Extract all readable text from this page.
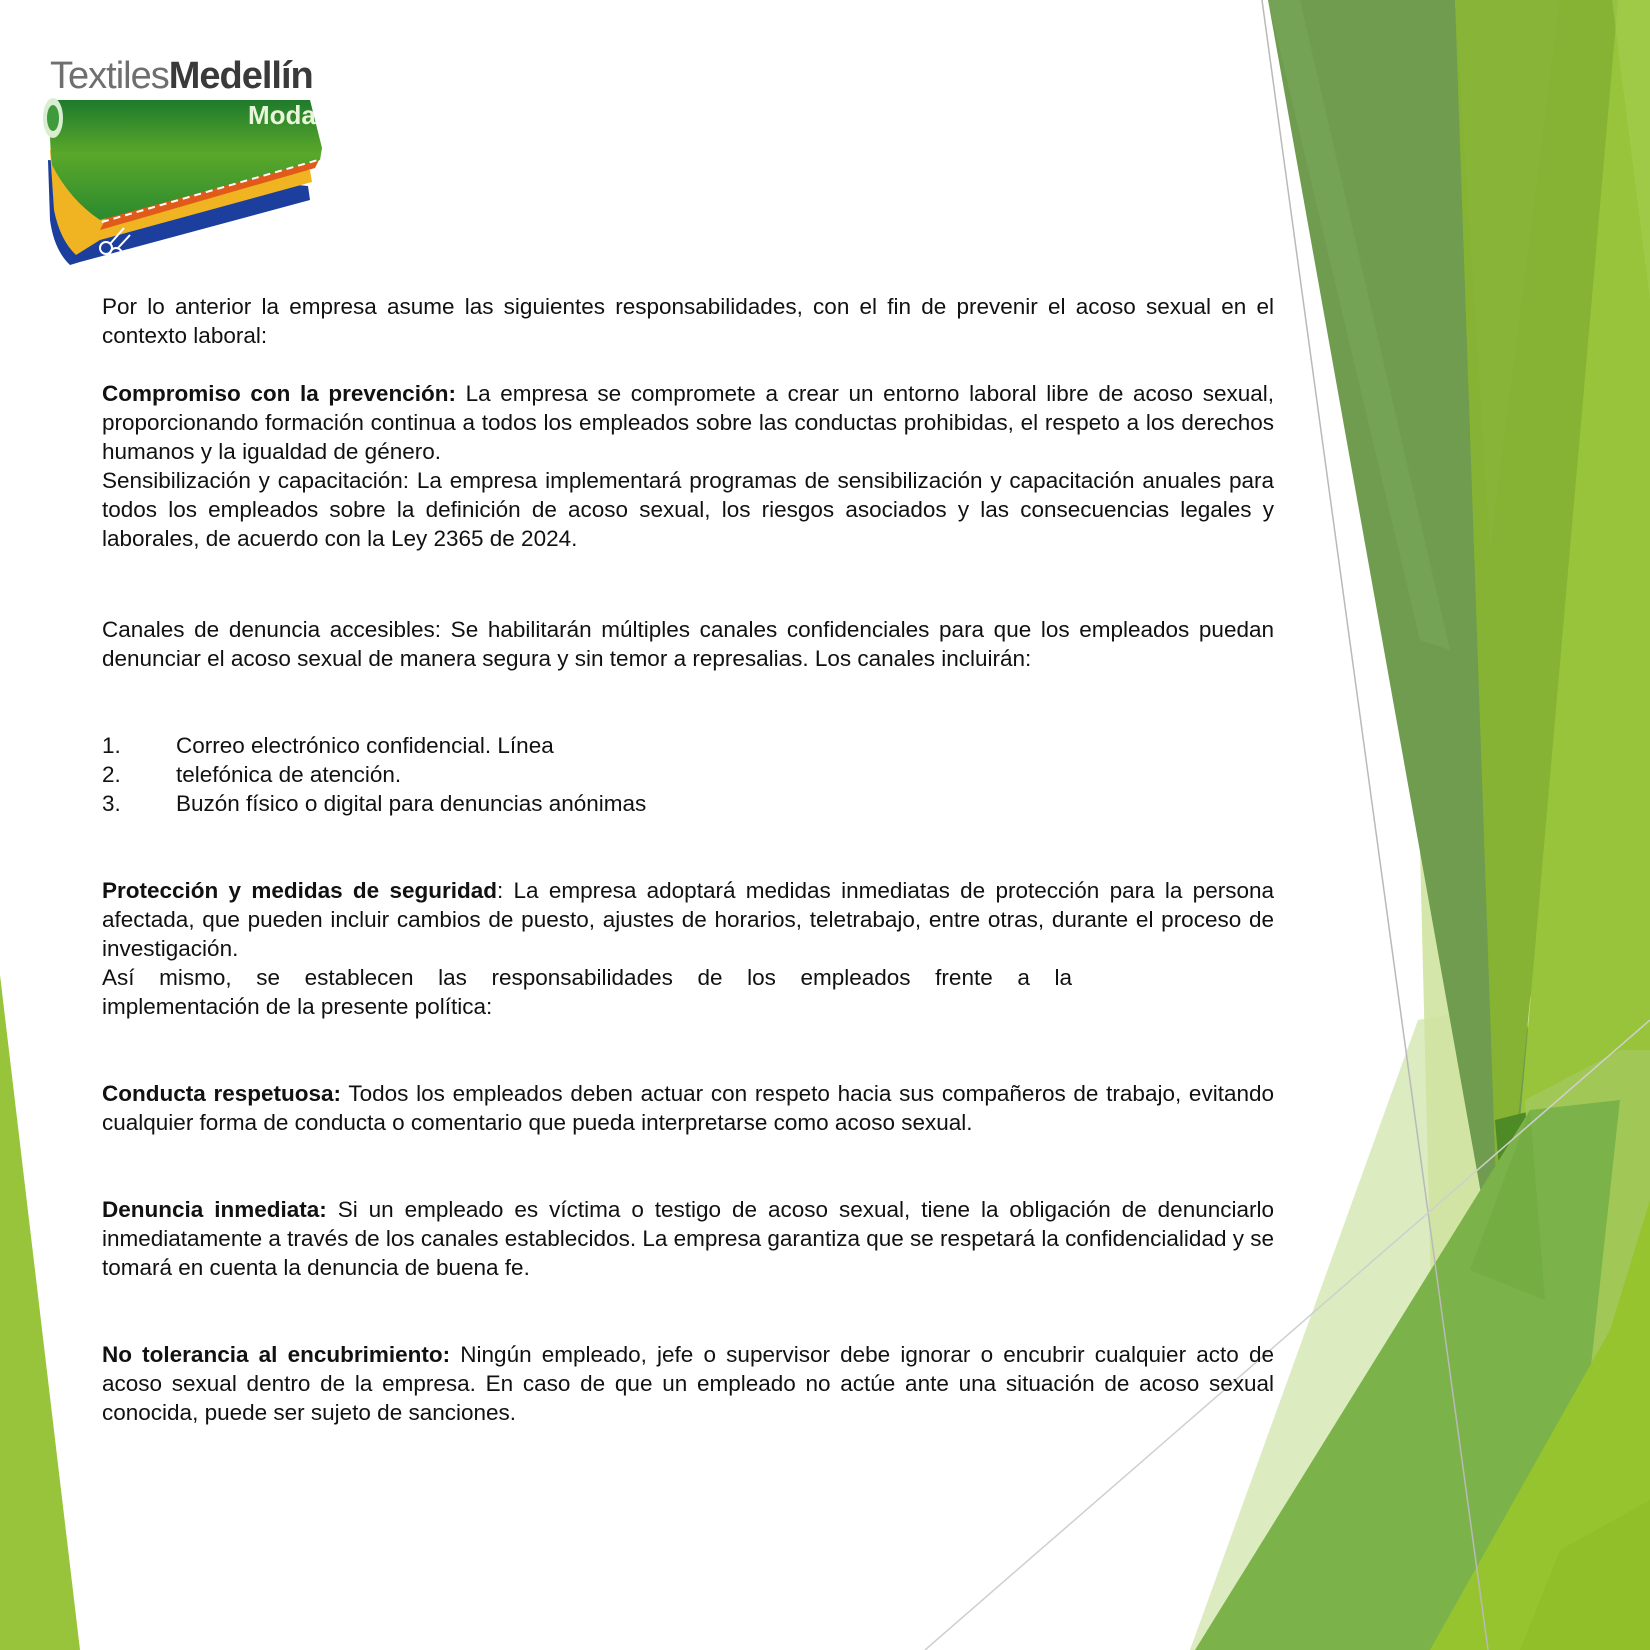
TextilesMedellín
Moda

Por lo anterior la empresa asume las siguientes responsabilidades, con el fin de prevenir el acoso sexual en el contexto laboral:

Compromiso con la prevención: La empresa se compromete a crear un entorno laboral libre de acoso sexual, proporcionando formación continua a todos los empleados sobre las conductas prohibidas, el respeto a los derechos humanos y la igualdad de género.

Sensibilización y capacitación: La empresa implementará programas de sensibilización y capacitación anuales para todos los empleados sobre la definición de acoso sexual, los riesgos asociados y las consecuencias legales y laborales, de acuerdo con la Ley 2365 de 2024.

Canales de denuncia accesibles: Se habilitarán múltiples canales confidenciales para que los empleados puedan denunciar el acoso sexual de manera segura y sin temor a represalias. Los canales incluirán:

1.	Correo electrónico confidencial. Línea
2.	telefónica de atención.
3.	Buzón físico o digital para denuncias anónimas

Protección y medidas de seguridad: La empresa adoptará medidas inmediatas de protección para la persona afectada, que pueden incluir cambios de puesto, ajustes de horarios, teletrabajo, entre otras, durante el proceso de investigación.

Así mismo, se establecen las responsabilidades de los empleados frente a la

implementación de la presente política:

Conducta respetuosa: Todos los empleados deben actuar con respeto hacia sus compañeros de trabajo, evitando cualquier forma de conducta o comentario que pueda interpretarse como acoso sexual.

Denuncia inmediata: Si un empleado es víctima o testigo de acoso sexual, tiene la obligación de denunciarlo inmediatamente a través de los canales establecidos. La empresa garantiza que se respetará la confidencialidad y se tomará en cuenta la denuncia de buena fe.

No tolerancia al encubrimiento: Ningún empleado, jefe o supervisor debe ignorar o encubrir cualquier acto de acoso sexual dentro de la empresa. En caso de que un empleado no actúe ante una situación de acoso sexual conocida, puede ser sujeto de sanciones.
